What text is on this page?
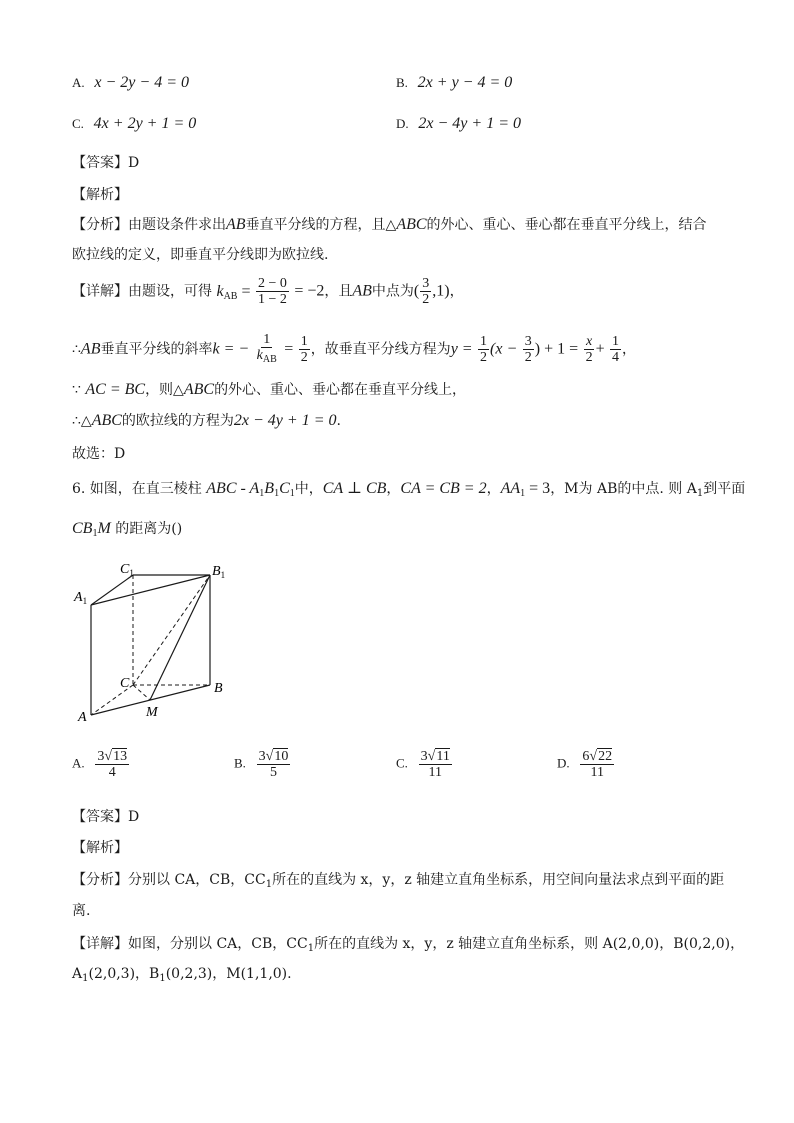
A. x − 2y − 4 = 0	B. 2x + y − 4 = 0
C. 4x + 2y + 1 = 0	D. 2x − 4y + 1 = 0
【答案】D
【解析】
【分析】由题设条件求出AB垂直平分线的方程，且△ABC的外心、重心、垂心都在垂直平分线上，结合
欧拉线的定义，即垂直平分线即为欧拉线.
【详解】由题设，可得 $k_{AB} = \frac{2 - 0}{1 - 2} = -2$，且AB中点为( $\frac{3}{2} ,1$)，
∴AB垂直平分线的斜率k = − $\frac{1}{k_{AB}} = \frac{1}{2}$ ，故垂直平分线方程为$y = \frac{1}{2} (x - \frac{3}{2}$ ) + $1 = \frac{x}{2} + \frac{1}{4}$ ，
∵ AC = BC，则△ABC的外心、重心、垂心都在垂直平分线上，
∴△ABC的欧拉线的方程为2x − 4y + 1 = 0.
故选：D
6. 如图，在直三棱柱 ABC - $A_1B_1C_1$中，CA ⊥ CB，CA = CB = 2，$AA_1 = 3$，M为 AB的中点. 则 $A_1$到平面
$CB_1M$ 的距离为()
$C_1$	$B_1$
$A_1$
C	B
A	M
A. $\frac{3√13}{4}$	B. $\frac{3√10}{5}$	C. $\frac{3√11}{11}$	D. $\frac{6√22}{11}$
【答案】D
【解析】
【分析】分别以 CA，CB，$CC_1$所在的直线为 x，y，z 轴建立直角坐标系，用空间向量法求点到平面的距
离.
【详解】如图，分别以 CA，CB，$CC_1$所在的直线为 x，y，z 轴建立直角坐标系，则 A(2,0,0)，B(0,2,0)，
$A_1(2,0,3)$，$B_1(0,2,3)$，M(1,1,0).
